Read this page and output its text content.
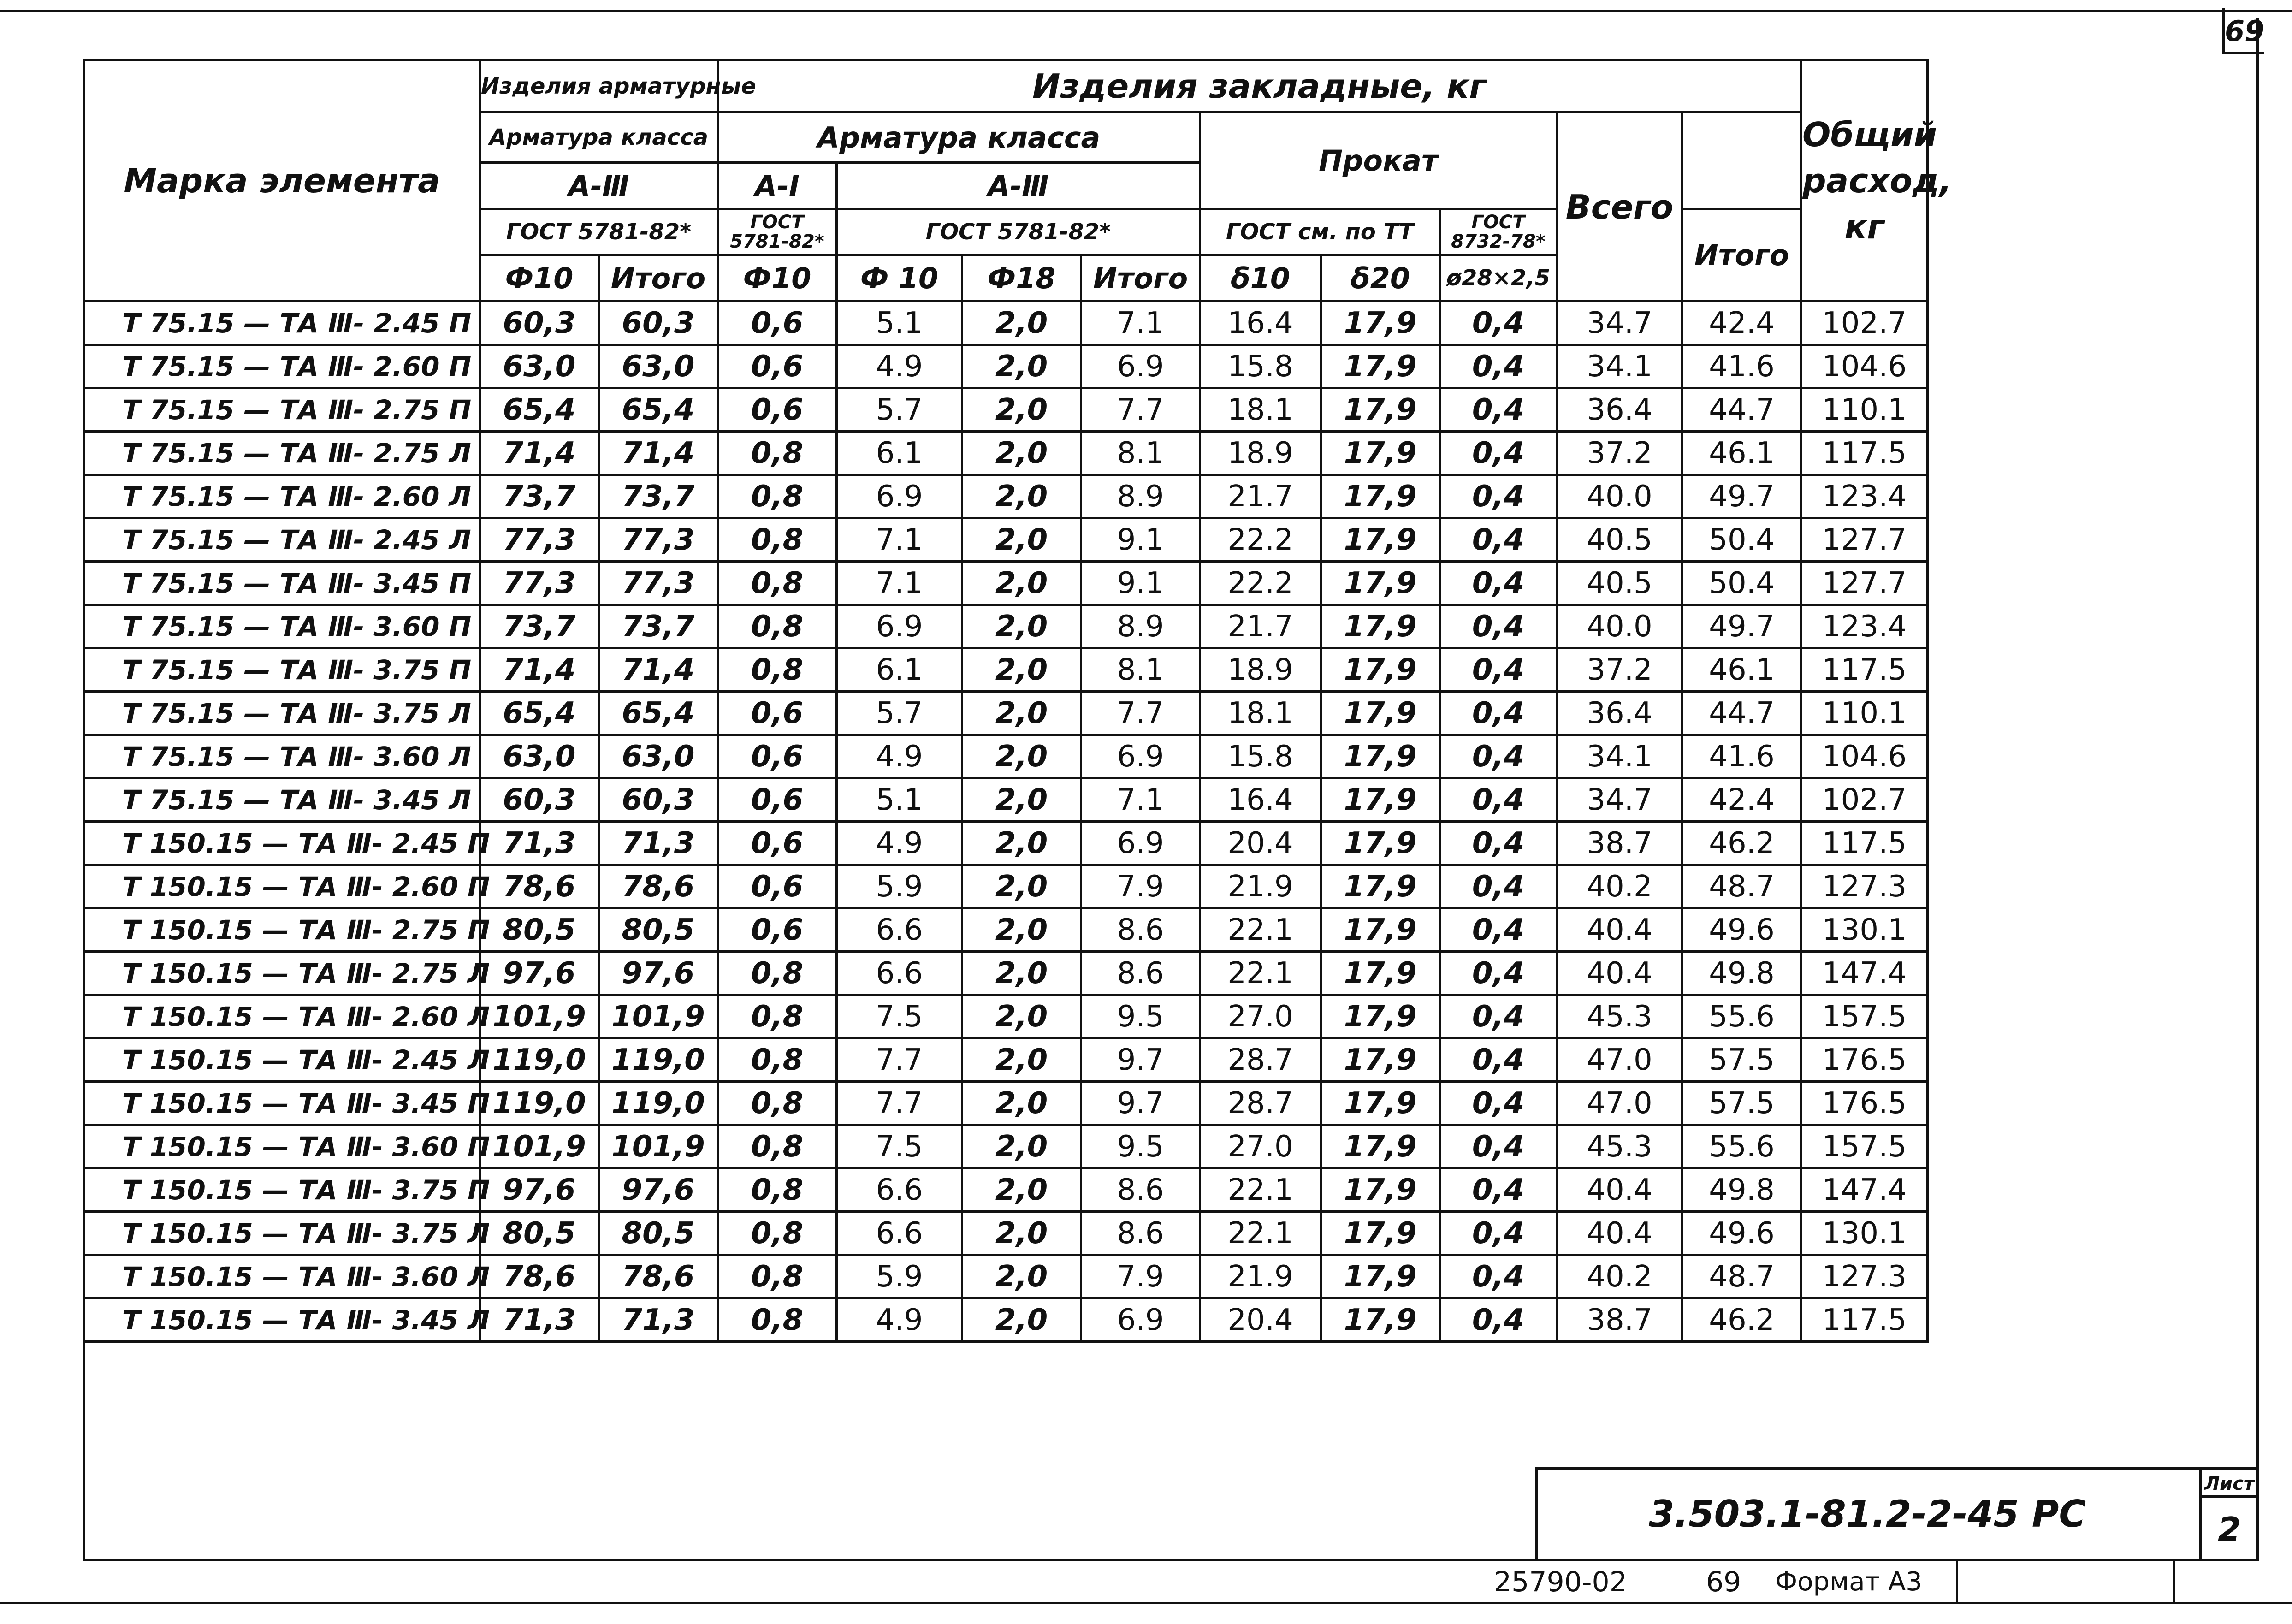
69
Марка элемента	Изделия арматурные		Изделия закладные, кг									Общий расход, кг
	Арматура класса		Арматура класса				Прокат			Всего		
	А-Ⅲ		А-Ⅰ	А-Ⅲ								
	ГОСТ 5781-82*		ГОСТ 5781-82*	ГОСТ 5781-82*			ГОСТ см. по ТТ		ГОСТ 8732-78*		Итого	
	Ф10	Итого	Ф10	Ф 10	Ф18	Итого	δ10	δ20	ø28×2,5			
Т 75.15 — ТА Ⅲ- 2.45 П	60,3	60,3	0,6	5.1	2,0	7.1	16.4	17,9	0,4	34.7	42.4	102.7
Т 75.15 — ТА Ⅲ- 2.60 П	63,0	63,0	0,6	4.9	2,0	6.9	15.8	17,9	0,4	34.1	41.6	104.6
Т 75.15 — ТА Ⅲ- 2.75 П	65,4	65,4	0,6	5.7	2,0	7.7	18.1	17,9	0,4	36.4	44.7	110.1
Т 75.15 — ТА Ⅲ- 2.75 Л	71,4	71,4	0,8	6.1	2,0	8.1	18.9	17,9	0,4	37.2	46.1	117.5
Т 75.15 — ТА Ⅲ- 2.60 Л	73,7	73,7	0,8	6.9	2,0	8.9	21.7	17,9	0,4	40.0	49.7	123.4
Т 75.15 — ТА Ⅲ- 2.45 Л	77,3	77,3	0,8	7.1	2,0	9.1	22.2	17,9	0,4	40.5	50.4	127.7
Т 75.15 — ТА Ⅲ- 3.45 П	77,3	77,3	0,8	7.1	2,0	9.1	22.2	17,9	0,4	40.5	50.4	127.7
Т 75.15 — ТА Ⅲ- 3.60 П	73,7	73,7	0,8	6.9	2,0	8.9	21.7	17,9	0,4	40.0	49.7	123.4
Т 75.15 — ТА Ⅲ- 3.75 П	71,4	71,4	0,8	6.1	2,0	8.1	18.9	17,9	0,4	37.2	46.1	117.5
Т 75.15 — ТА Ⅲ- 3.75 Л	65,4	65,4	0,6	5.7	2,0	7.7	18.1	17,9	0,4	36.4	44.7	110.1
Т 75.15 — ТА Ⅲ- 3.60 Л	63,0	63,0	0,6	4.9	2,0	6.9	15.8	17,9	0,4	34.1	41.6	104.6
Т 75.15 — ТА Ⅲ- 3.45 Л	60,3	60,3	0,6	5.1	2,0	7.1	16.4	17,9	0,4	34.7	42.4	102.7
Т 150.15 — ТА Ⅲ- 2.45 П	71,3	71,3	0,6	4.9	2,0	6.9	20.4	17,9	0,4	38.7	46.2	117.5
Т 150.15 — ТА Ⅲ- 2.60 П	78,6	78,6	0,6	5.9	2,0	7.9	21.9	17,9	0,4	40.2	48.7	127.3
Т 150.15 — ТА Ⅲ- 2.75 П	80,5	80,5	0,6	6.6	2,0	8.6	22.1	17,9	0,4	40.4	49.6	130.1
Т 150.15 — ТА Ⅲ- 2.75 Л	97,6	97,6	0,8	6.6	2,0	8.6	22.1	17,9	0,4	40.4	49.8	147.4
Т 150.15 — ТА Ⅲ- 2.60 Л	101,9	101,9	0,8	7.5	2,0	9.5	27.0	17,9	0,4	45.3	55.6	157.5
Т 150.15 — ТА Ⅲ- 2.45 Л	119,0	119,0	0,8	7.7	2,0	9.7	28.7	17,9	0,4	47.0	57.5	176.5
Т 150.15 — ТА Ⅲ- 3.45 П	119,0	119,0	0,8	7.7	2,0	9.7	28.7	17,9	0,4	47.0	57.5	176.5
Т 150.15 — ТА Ⅲ- 3.60 П	101,9	101,9	0,8	7.5	2,0	9.5	27.0	17,9	0,4	45.3	55.6	157.5
Т 150.15 — ТА Ⅲ- 3.75 П	97,6	97,6	0,8	6.6	2,0	8.6	22.1	17,9	0,4	40.4	49.8	147.4
Т 150.15 — ТА Ⅲ- 3.75 Л	80,5	80,5	0,8	6.6	2,0	8.6	22.1	17,9	0,4	40.4	49.6	130.1
Т 150.15 — ТА Ⅲ- 3.60 Л	78,6	78,6	0,8	5.9	2,0	7.9	21.9	17,9	0,4	40.2	48.7	127.3
Т 150.15 — ТА Ⅲ- 3.45 Л	71,3	71,3	0,8	4.9	2,0	6.9	20.4	17,9	0,4	38.7	46.2	117.5
3.503.1-81.2-2-45 РС
Лист
2
25790-02	69	Формат А3
